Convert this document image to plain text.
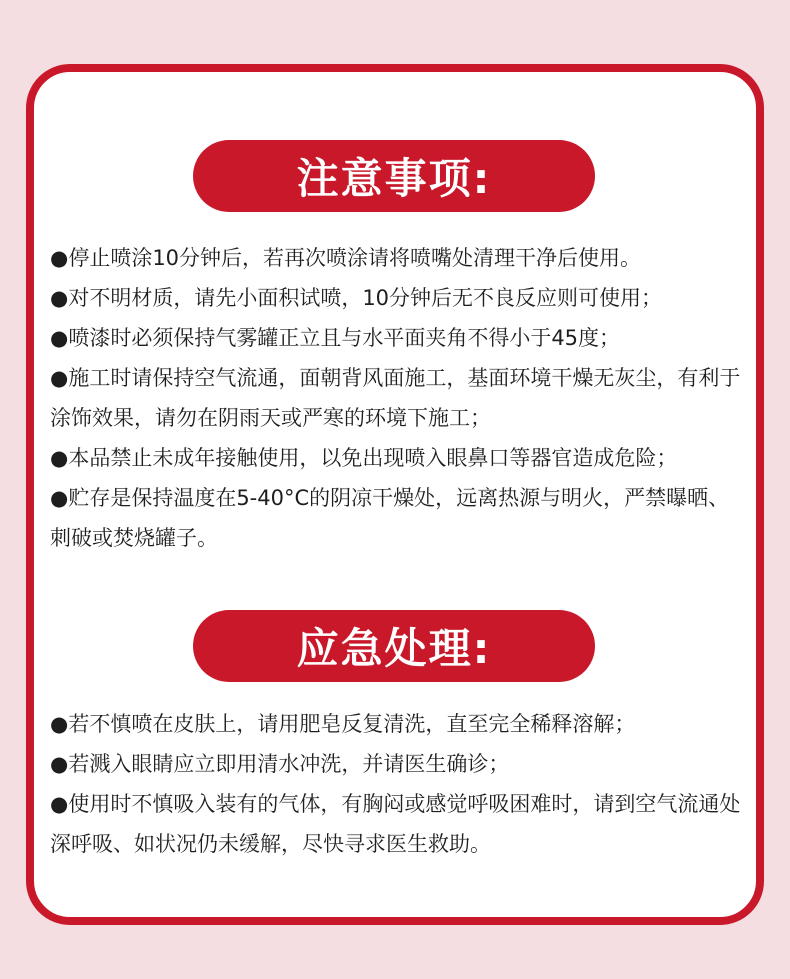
注意事项:
●停止喷涂10分钟后，若再次喷涂请将喷嘴处清理干净后使用。
●对不明材质，请先小面积试喷，10分钟后无不良反应则可使用；
●喷漆时必须保持气雾罐正立且与水平面夹角不得小于45度；
●施工时请保持空气流通，面朝背风面施工，基面环境干燥无灰尘，有利于涂饰效果，请勿在阴雨天或严寒的环境下施工；
●本品禁止未成年接触使用，以免出现喷入眼鼻口等器官造成危险；
●贮存是保持温度在5-40°C的阴凉干燥处，远离热源与明火，严禁曝晒、刺破或焚烧罐子。
应急处理:
●若不慎喷在皮肤上，请用肥皂反复清洗，直至完全稀释溶解；
●若溅入眼睛应立即用清水冲洗，并请医生确诊；
●使用时不慎吸入装有的气体，有胸闷或感觉呼吸困难时，请到空气流通处深呼吸、如状况仍未缓解，尽快寻求医生救助。
